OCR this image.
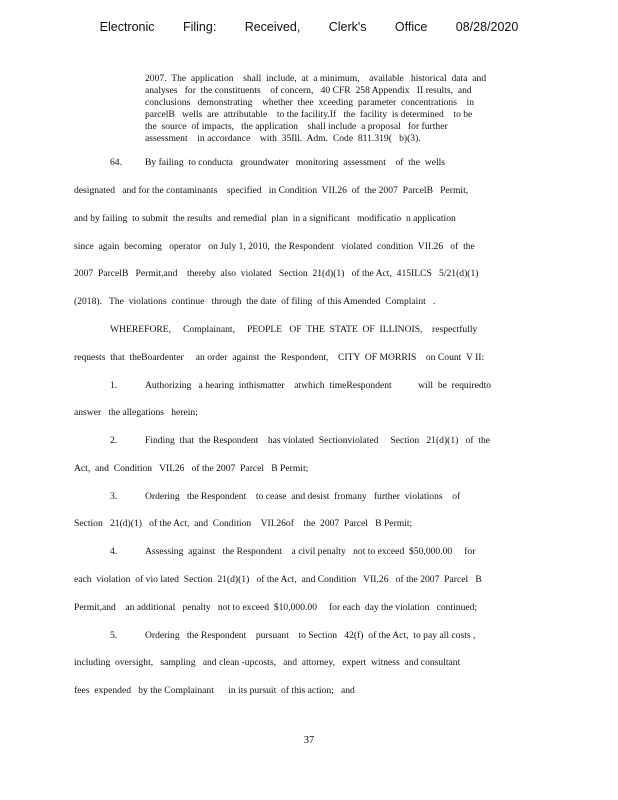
Electronic   Filing:   Received,   Clerk's   Office   08/28/2020
2007.  The  application    shall  include,  at  a minimum,    available   historical  data  and
analyses   for  the constituents    of concern,   40 CFR  258 Appendix   II results,  and
conclusions   demonstrating    whether  thee  xceeding  parameter  concentrations    in
parcelB   wells  are  attributable    to the facility.If   the  facility  is determined    to be
the  source  of impacts,   the application    shall include  a proposal   for further
assessment    in accordance    with  35Ill.  Adm.  Code  811.319(   b)(3).
64. By failing  to conducta   groundwater   monitoring  assessment    of  the  wells
designated   and for the contaminants    specified   in Condition  VII.26  of  the 2007  ParcelB   Permit,
and by failing  to submit  the results  and remedial  plan  in a significant   modificatio  n application
since  again  becoming   operator   on July 1, 2010,  the Respondent   violated  condition  VII.26   of  the
2007  ParcelB   Permit,and    thereby  also  violated   Section  21(d)(1)   of the Act,  415ILCS   5/21(d)(1)
(2018).   The  violations  continue   through  the date  of filing  of this Amended  Complaint   .
WHEREFORE,     Complainant,     PEOPLE   OF  THE  STATE  OF  ILLINOIS,    respectfully
requests  that  theBoardenter     an order  against  the  Respondent,    CITY  OF MORRIS    on Count  V II:
1.	Authorizing   a hearing  inthismatter    atwhich  timeRespondent           will  be  requiredto
answer   the allegations   herein;
2.	Finding  that  the Respondent    has violated  Sectionviolated     Section   21(d)(1)   of  the
Act,  and  Condition   VII.26   of the 2007  Parcel   B Permit;
3.	Ordering   the Respondent    to cease  and desist  fromany   further  violations    of
Section   21(d)(1)   of the Act,  and  Condition    VII.26of    the  2007  Parcel   B Permit;
4.	Assessing  against   the Respondent    a civil penalty   not to exceed  $50,000.00     for
each  violation  of vio lated  Section  21(d)(1)   of the Act,  and Condition   VII.26   of the 2007  Parcel   B
Permit,and    an additional   penalty   not to exceed  $10,000.00     for each  day the violation   continued;
5.	Ordering   the Respondent    pursuant    to Section   42(f)  of the Act,  to pay all costs ,
including  oversight,   sampling   and clean -upcosts,   and  attorney,   expert  witness  and consultant
fees  expended   by the Complainant      in its pursuit  of this action;   and
37
